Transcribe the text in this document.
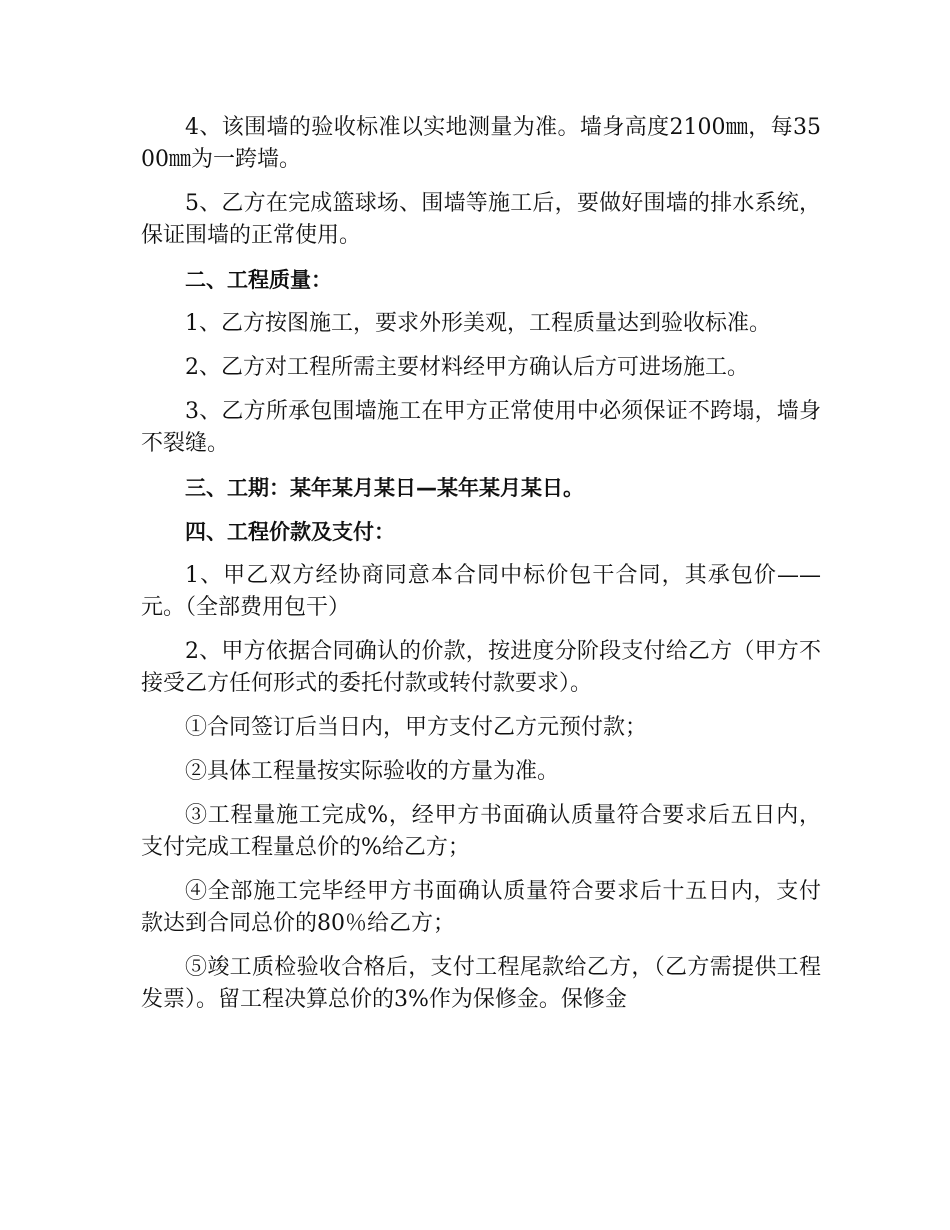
4、该围墙的验收标准以实地测量为准。墙身高度2100㎜，每3500㎜为一跨墙。

5、乙方在完成篮球场、围墙等施工后，要做好围墙的排水系统，保证围墙的正常使用。

二、工程质量：

1、乙方按图施工，要求外形美观，工程质量达到验收标准。

2、乙方对工程所需主要材料经甲方确认后方可进场施工。

3、乙方所承包围墙施工在甲方正常使用中必须保证不跨塌，墙身不裂缝。

三、工期：某年某月某日—某年某月某日。

四、工程价款及支付：

1、甲乙双方经协商同意本合同中标价包干合同，其承包价——元。（全部费用包干）

2、甲方依据合同确认的价款，按进度分阶段支付给乙方（甲方不接受乙方任何形式的委托付款或转付款要求）。

①合同签订后当日内，甲方支付乙方元预付款；

②具体工程量按实际验收的方量为准。

③工程量施工完成%，经甲方书面确认质量符合要求后五日内，支付完成工程量总价的%给乙方；

④全部施工完毕经甲方书面确认质量符合要求后十五日内，支付款达到合同总价的80％给乙方；

⑤竣工质检验收合格后，支付工程尾款给乙方，（乙方需提供工程发票）。留工程决算总价的3%作为保修金。保修金
